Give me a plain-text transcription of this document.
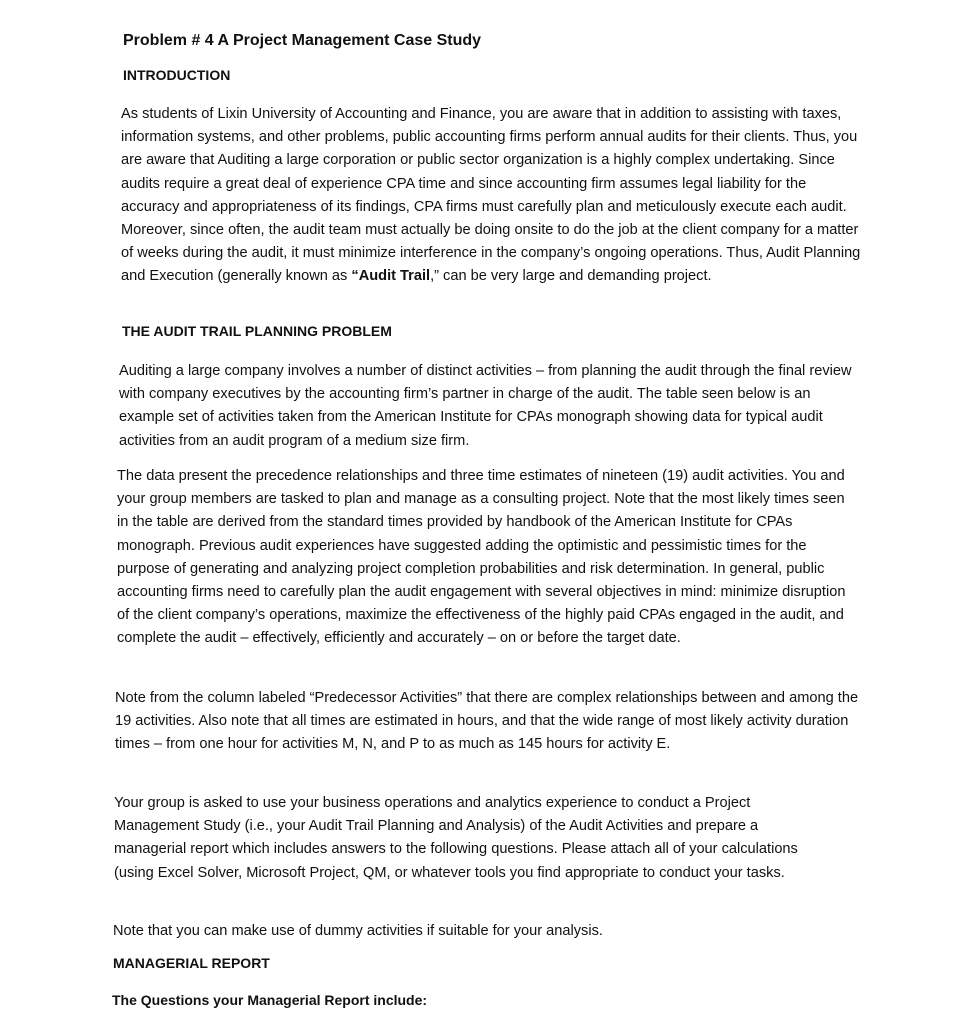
Problem # 4 A Project Management Case Study
INTRODUCTION

As students of Lixin University of Accounting and Finance, you are aware that in addition to assisting with taxes, information systems, and other problems, public accounting firms perform annual audits for their clients. Thus, you are aware that Auditing a large corporation or public sector organization is a highly complex undertaking. Since audits require a great deal of experience CPA time and since accounting firm assumes legal liability for the accuracy and appropriateness of its findings, CPA firms must carefully plan and meticulously execute each audit. Moreover, since often, the audit team must actually be doing onsite to do the job at the client company for a matter of weeks during the audit, it must minimize interference in the company’s ongoing operations. Thus, Audit Planning and Execution (generally known as “Audit Trail,” can be very large and demanding project.

THE AUDIT TRAIL PLANNING PROBLEM

Auditing a large company involves a number of distinct activities – from planning the audit through the final review with company executives by the accounting firm’s partner in charge of the audit. The table seen below is an example set of activities taken from the American Institute for CPAs monograph showing data for typical audit activities from an audit program of a medium size firm.

The data present the precedence relationships and three time estimates of nineteen (19) audit activities. You and your group members are tasked to plan and manage as a consulting project. Note that the most likely times seen in the table are derived from the standard times provided by handbook of the American Institute for CPAs monograph. Previous audit experiences have suggested adding the optimistic and pessimistic times for the purpose of generating and analyzing project completion probabilities and risk determination. In general, public accounting firms need to carefully plan the audit engagement with several objectives in mind: minimize disruption of the client company’s operations, maximize the effectiveness of the highly paid CPAs engaged in the audit, and complete the audit – effectively, efficiently and accurately – on or before the target date.

Note from the column labeled “Predecessor Activities” that there are complex relationships between and among the 19 activities. Also note that all times are estimated in hours, and that the wide range of most likely activity duration times – from one hour for activities M, N, and P to as much as 145 hours for activity E.

Your group is asked to use your business operations and analytics experience to conduct a Project Management Study (i.e., your Audit Trail Planning and Analysis) of the Audit Activities and prepare a managerial report which includes answers to the following questions. Please attach all of your calculations (using Excel Solver, Microsoft Project, QM, or whatever tools you find appropriate to conduct your tasks.

Note that you can make use of dummy activities if suitable for your analysis.

MANAGERIAL REPORT
The Questions your Managerial Report include:
